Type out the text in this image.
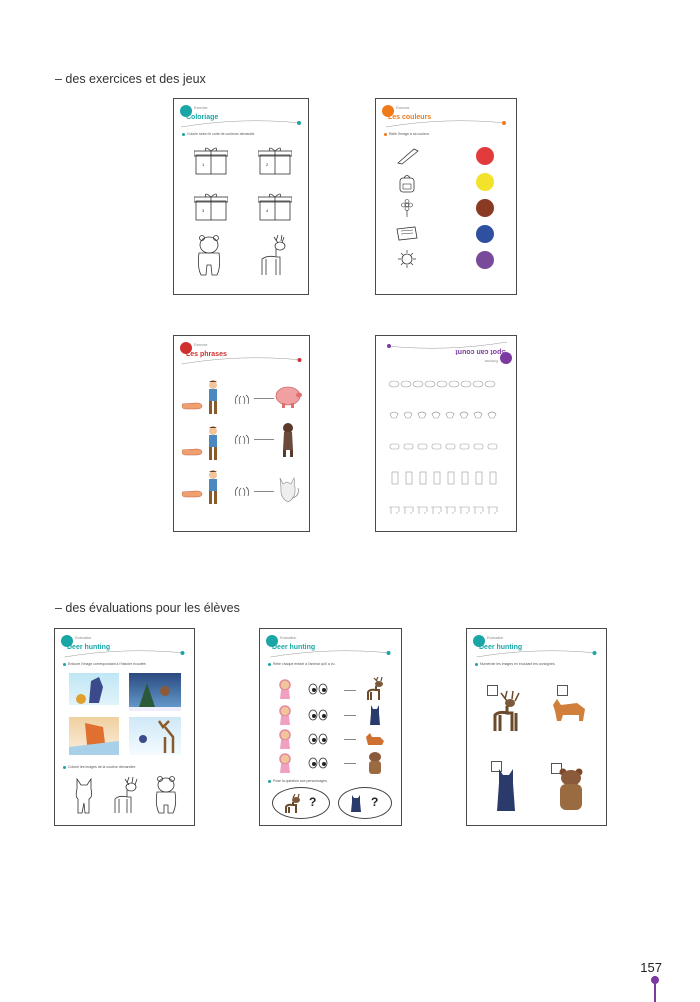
– des exercices et des jeux
Exercice
Coloriage
Colorie selon le code de couleurs demandé.
1	2
3	4
Exercice
Les couleurs
Relie l'image à sa couleur.
Exercice
Les phrases
Exercice
Spot can count
– des évaluations pour les élèves
Evaluation
Deer hunting
Entoure l'image correspondant à l'histoire écoutée.
Colorie les images de la couleur demandée.
Evaluation
Deer hunting
Relie chaque enfant à l'animal qu'il a vu.
Pose la question aux personnages.
?	?
Evaluation
Deer hunting
Numérote les images en écoutant les consignes.
157
